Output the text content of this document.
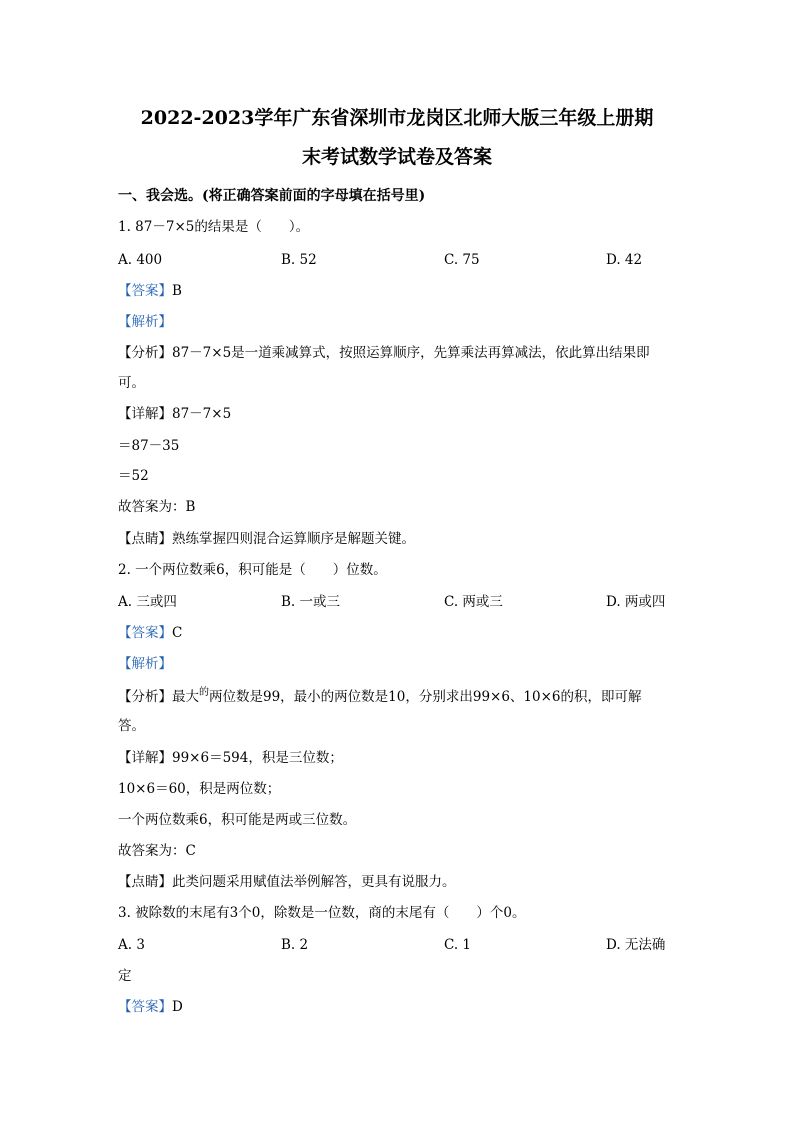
2022-2023学年广东省深圳市龙岗区北师大版三年级上册期
末考试数学试卷及答案
一、我会选。(将正确答案前面的字母填在括号里)
1. 87－7×5的结果是（　　）。
A. 400	B. 52	C. 75	D. 42
【答案】B
【解析】
【分析】87－7×5是一道乘减算式，按照运算顺序，先算乘法再算减法，依此算出结果即
可。
【详解】87－7×5
＝87－35
＝52
故答案为：B
【点睛】熟练掌握四则混合运算顺序是解题关键。
2. 一个两位数乘6，积可能是（　　）位数。
A. 三或四	B. 一或三	C. 两或三	D. 两或四
【答案】C
【解析】
【分析】最大$^的$两位数是99，最小的两位数是10，分别求出99×6、10×6的积，即可解
答。
【详解】99×6＝594，积是三位数；
10×6＝60，积是两位数；
一个两位数乘6，积可能是两或三位数。
故答案为：C
【点睛】此类问题采用赋值法举例解答，更具有说服力。
3. 被除数的末尾有3个0，除数是一位数，商的末尾有（　　）个0。
A. 3	B. 2	C. 1	D. 无法确
定
【答案】D
